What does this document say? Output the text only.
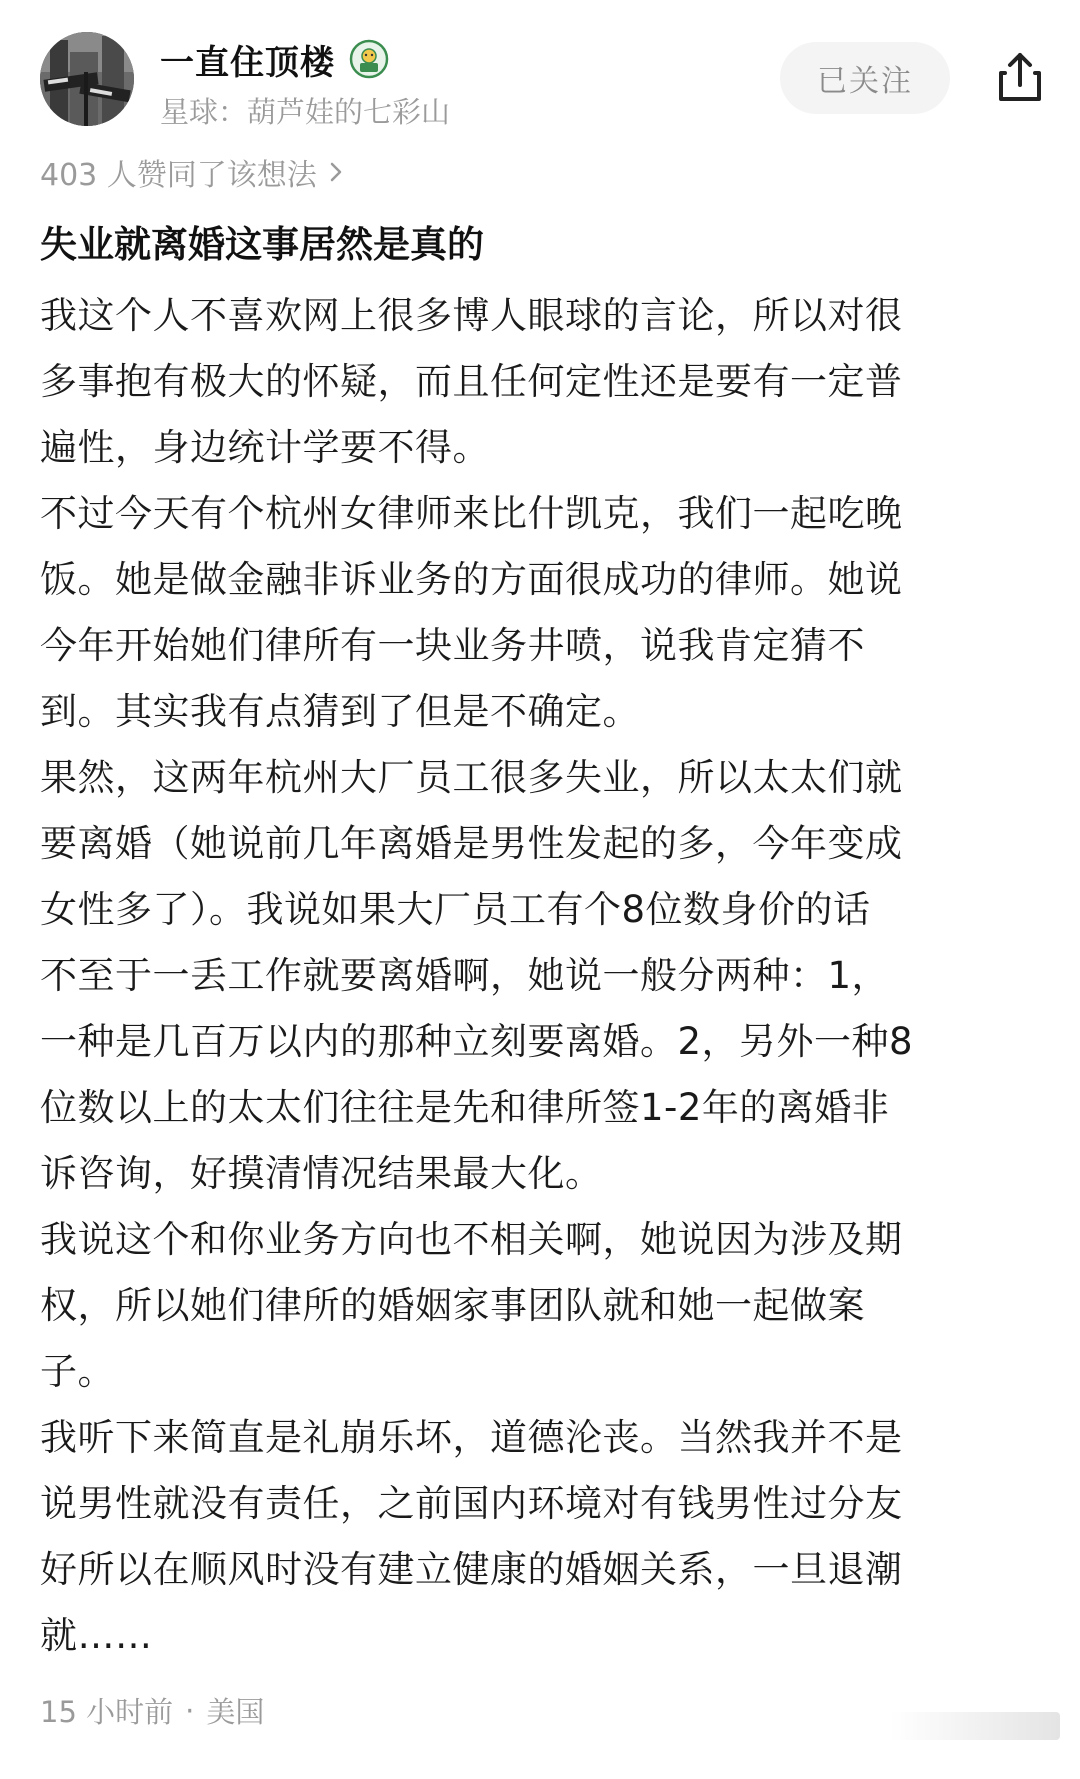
一直住顶楼
星球：葫芦娃的七彩山
已关注
403 人赞同了该想法
失业就离婚这事居然是真的
我这个人不喜欢网上很多博人眼球的言论，所以对很
多事抱有极大的怀疑，而且任何定性还是要有一定普
遍性，身边统计学要不得。
不过今天有个杭州女律师来比什凯克，我们一起吃晚
饭。她是做金融非诉业务的方面很成功的律师。她说
今年开始她们律所有一块业务井喷，说我肯定猜不
到。其实我有点猜到了但是不确定。
果然，这两年杭州大厂员工很多失业，所以太太们就
要离婚（她说前几年离婚是男性发起的多，今年变成
女性多了）。我说如果大厂员工有个8位数身价的话
不至于一丢工作就要离婚啊，她说一般分两种：1，
一种是几百万以内的那种立刻要离婚。2，另外一种8
位数以上的太太们往往是先和律所签1-2年的离婚非
诉咨询，好摸清情况结果最大化。
我说这个和你业务方向也不相关啊，她说因为涉及期
权，所以她们律所的婚姻家事团队就和她一起做案
子。
我听下来简直是礼崩乐坏，道德沦丧。当然我并不是
说男性就没有责任，之前国内环境对有钱男性过分友
好所以在顺风时没有建立健康的婚姻关系，一旦退潮
就……
15 小时前 · 美国
